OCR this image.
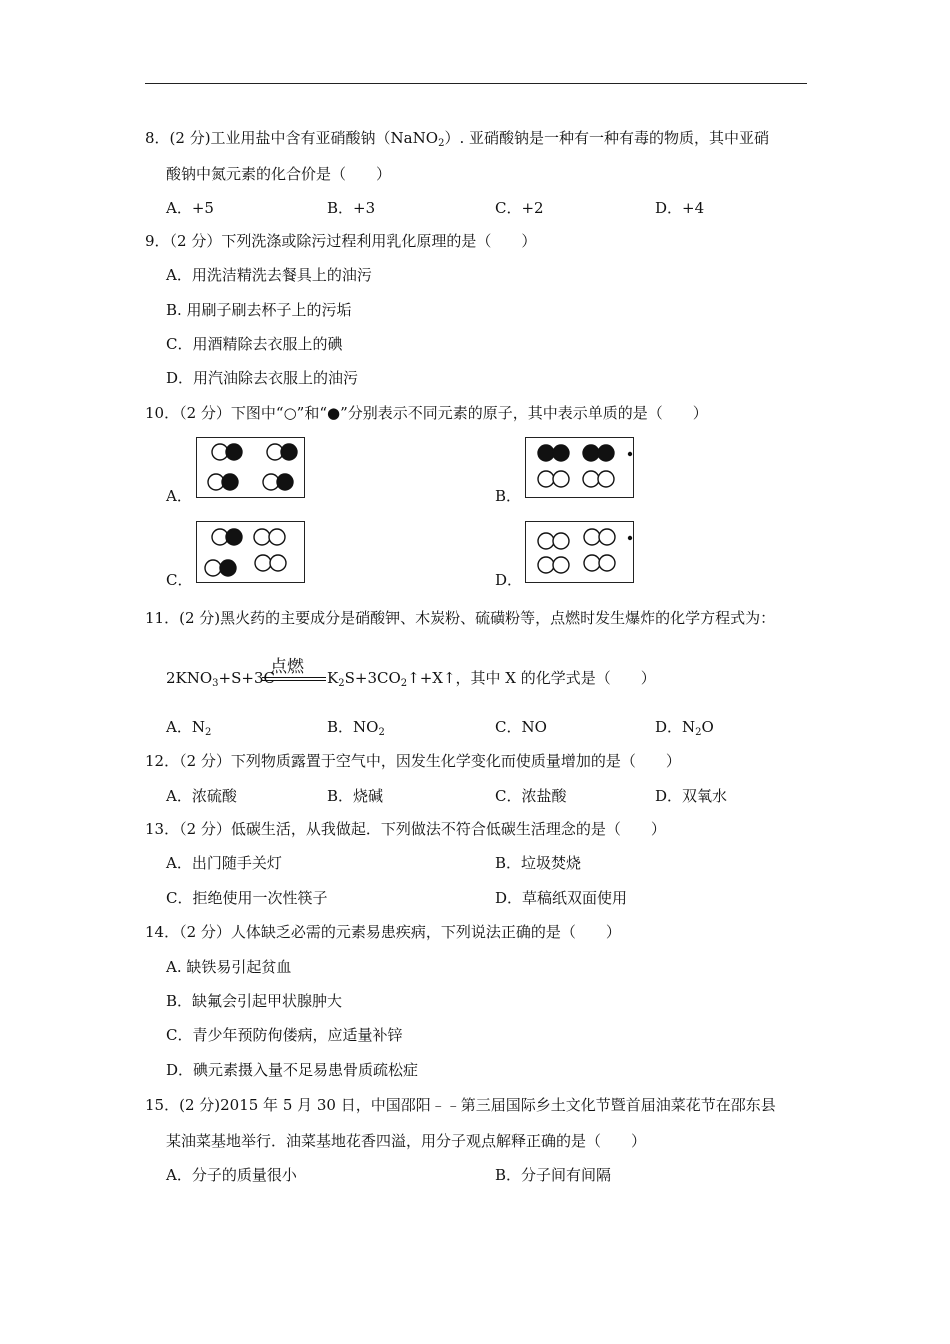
8．(2 分)工业用盐中含有亚硝酸钠（NaNO$_2$）. 亚硝酸钠是一种有一种有毒的物质，其中亚硝
酸钠中氮元素的化合价是（　　）
A．+5	B．+3	C．+2	D．+4
9．（2 分）下列洗涤或除污过程利用乳化原理的是（　　）
A．用洗洁精洗去餐具上的油污
B. 用刷子刷去杯子上的污垢
C．用酒精除去衣服上的碘
D．用汽油除去衣服上的油污
10．（2 分）下图中“○”和“●”分别表示不同元素的原子，其中表示单质的是（　　）
A．	B．
C．	D．
11．(2 分)黑火药的主要成分是硝酸钾、木炭粉、硫磺粉等，点燃时发生爆炸的化学方程式为：
点燃
$2KNO_3+S+3C$	$K_2S+3CO_2↑+X↑$，其中 X 的化学式是（　　）
A．$N_2$	B．$NO_2$	C．NO	D．$N_2O$
12．（2 分）下列物质露置于空气中，因发生化学变化而使质量增加的是（　　）
A．浓硫酸	B．烧碱	C．浓盐酸	D．双氧水
13．（2 分）低碳生活，从我做起．下列做法不符合低碳生活理念的是（　　）
A．出门随手关灯	B．垃圾焚烧
C．拒绝使用一次性筷子	D．草稿纸双面使用
14．（2 分）人体缺乏必需的元素易患疾病，下列说法正确的是（　　）
A. 缺铁易引起贫血
B．缺氟会引起甲状腺肿大
C．青少年预防佝偻病，应适量补锌
D．碘元素摄入量不足易患骨质疏松症
15．(2 分)2015 年 5 月 30 日，中国邵阳﹣﹣第三届国际乡土文化节暨首届油菜花节在邵东县
某油菜基地举行．油菜基地花香四溢，用分子观点解释正确的是（　　）
A．分子的质量很小	B．分子间有间隔
